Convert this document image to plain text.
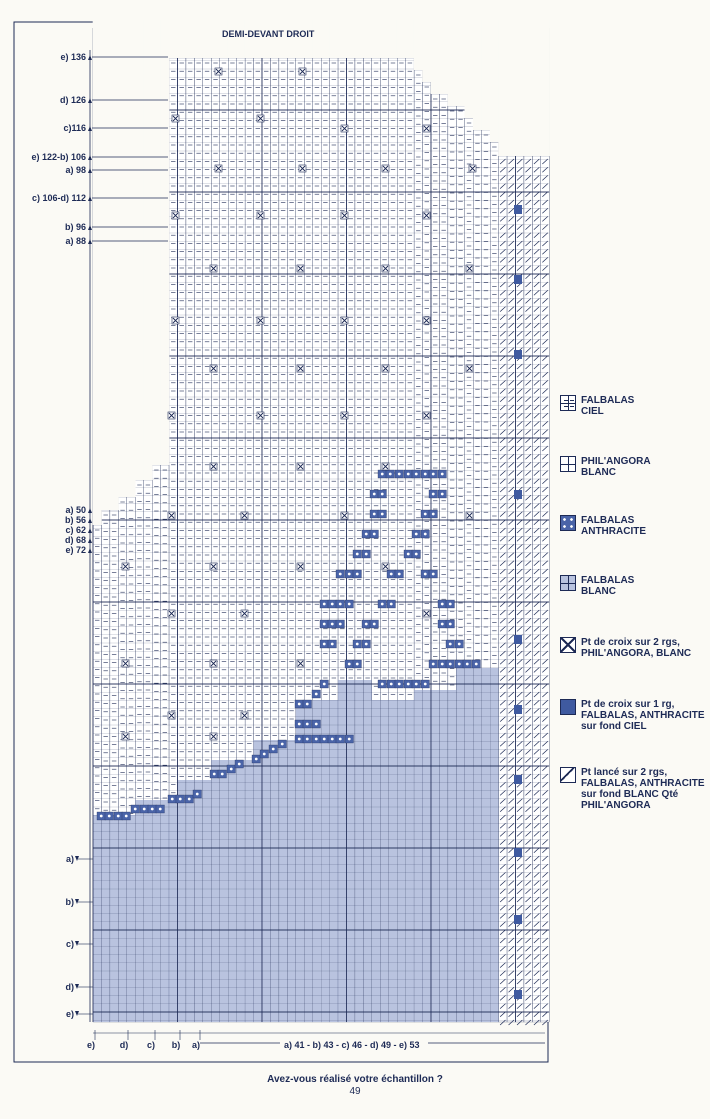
DEMI-DEVANT DROIT
e) 136
d) 126
c)116
e) 122-b) 106
a) 98
c) 106-d) 112
b) 96
a) 88
a) 50
b) 56
c) 62
d) 68
e) 72
a)
b)
c)
d)
e)
e)	d) c) b) a)	a) 41 - b) 43 - c) 46 - d) 49 - e) 53
FALBALAS
CIEL
PHIL'ANGORA
BLANC
FALBALAS
ANTHRACITE
FALBALAS
BLANC
Pt de croix sur 2 rgs,
PHIL'ANGORA, BLANC
Pt de croix sur 1 rg,
FALBALAS, ANTHRACITE
sur fond CIEL
Pt lancé sur 2 rgs,
FALBALAS, ANTHRACITE
sur fond BLANC Qté
PHIL'ANGORA
Avez-vous réalisé votre échantillon ?
49
